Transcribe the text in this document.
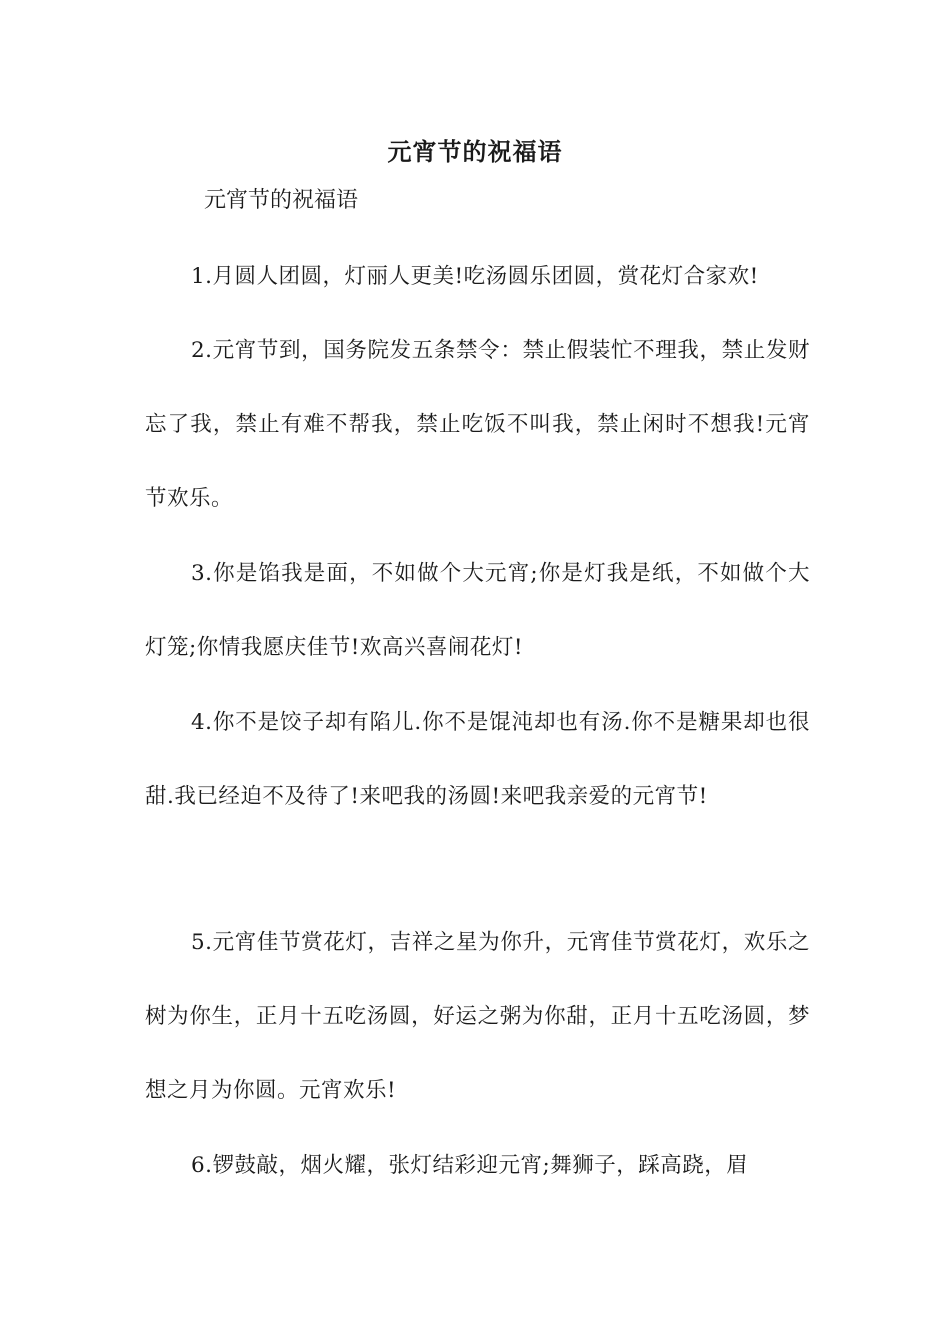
元宵节的祝福语
元宵节的祝福语

1.月圆人团圆，灯丽人更美!吃汤圆乐团圆，赏花灯合家欢!

2.元宵节到，国务院发五条禁令：禁止假装忙不理我，禁止发财忘了我，禁止有难不帮我，禁止吃饭不叫我，禁止闲时不想我!元宵节欢乐。

3.你是馅我是面，不如做个大元宵;你是灯我是纸，不如做个大灯笼;你情我愿庆佳节!欢高兴喜闹花灯!

4.你不是饺子却有陷儿.你不是馄沌却也有汤.你不是糖果却也很甜.我已经迫不及待了!来吧我的汤圆!来吧我亲爱的元宵节!

5.元宵佳节赏花灯，吉祥之星为你升，元宵佳节赏花灯，欢乐之树为你生，正月十五吃汤圆，好运之粥为你甜，正月十五吃汤圆，梦想之月为你圆。元宵欢乐!

6.锣鼓敲，烟火耀，张灯结彩迎元宵;舞狮子，踩高跷，眉
